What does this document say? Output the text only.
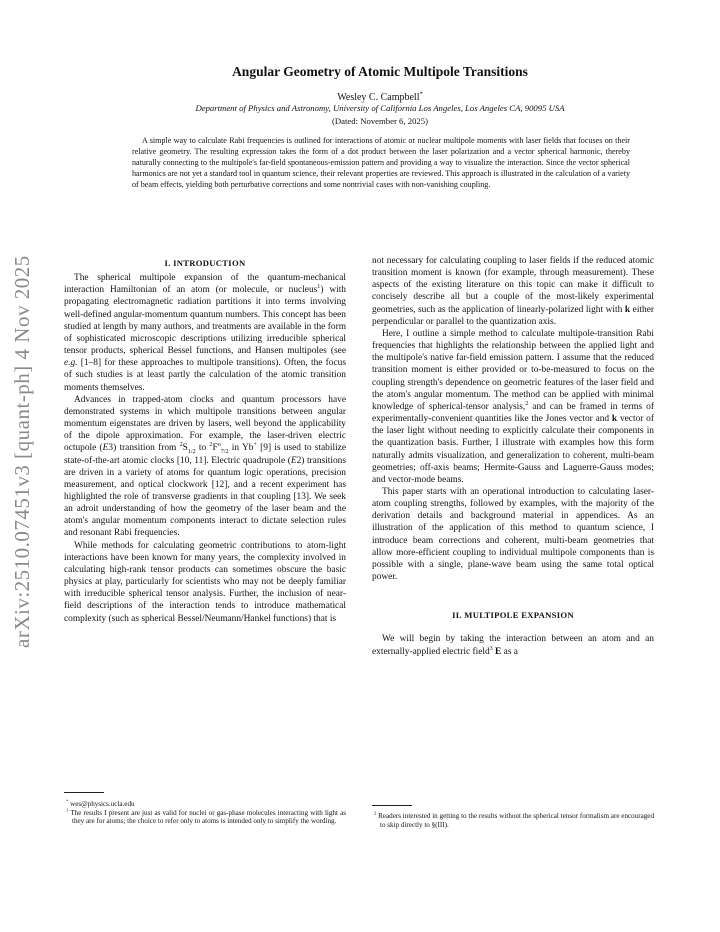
arXiv:2510.07451v3 [quant-ph] 4 Nov 2025
Angular Geometry of Atomic Multipole Transitions
Wesley C. Campbell*
Department of Physics and Astronomy, University of California Los Angeles, Los Angeles CA, 90095 USA
(Dated: November 6, 2025)
A simple way to calculate Rabi frequencies is outlined for interactions of atomic or nuclear multipole moments with laser fields that focuses on their relative geometry. The resulting expression takes the form of a dot product between the laser polarization and a vector spherical harmonic, thereby naturally connecting to the multipole's far-field spontaneous-emission pattern and providing a way to visualize the interaction. Since the vector spherical harmonics are not yet a standard tool in quantum science, their relevant properties are reviewed. This approach is illustrated in the calculation of a variety of beam effects, yielding both perturbative corrections and some nontrivial cases with non-vanishing coupling.
I. INTRODUCTION

The spherical multipole expansion of the quantum-mechanical interaction Hamiltonian of an atom (or molecule, or nucleus$^1$) with propagating electromagnetic radiation partitions it into terms involving well-defined angular-momentum quantum numbers. This concept has been studied at length by many authors, and treatments are available in the form of sophisticated microscopic descriptions utilizing irreducible spherical tensor products, spherical Bessel functions, and Hansen multipoles (see e.g. [1–8] for these approaches to multipole transitions). Often, the focus of such studies is at least partly the calculation of the atomic transition moments themselves.

Advances in trapped-atom clocks and quantum processors have demonstrated systems in which multipole transitions between angular momentum eigenstates are driven by lasers, well beyond the applicability of the dipole approximation. For example, the laser-driven electric octupole (E3) transition from $^2S_{1/2}$ to $^2F^o_{7/2}$ in Yb+ [9] is used to stabilize state-of-the-art atomic clocks [10, 11]. Electric quadrupole (E2) transitions are driven in a variety of atoms for quantum logic operations, precision measurement, and optical clockwork [12], and a recent experiment has highlighted the role of transverse gradients in that coupling [13]. We seek an adroit understanding of how the geometry of the laser beam and the atom's angular momentum components interact to dictate selection rules and resonant Rabi frequencies.

While methods for calculating geometric contributions to atom-light interactions have been known for many years, the complexity involved in calculating high-rank tensor products can sometimes obscure the basic physics at play, particularly for scientists who may not be deeply familiar with irreducible spherical tensor analysis. Further, the inclusion of near-field descriptions of the interaction tends to introduce mathematical complexity (such as spherical Bessel/Neumann/Hankel functions) that is

* wes@physics.ucla.edu

$^1$ The results I present are just as valid for nuclei or gas-phase molecules interacting with light as they are for atoms; the choice to refer only to atoms is intended only to simplify the wording.

not necessary for calculating coupling to laser fields if the reduced atomic transition moment is known (for example, through measurement). These aspects of the existing literature on this topic can make it difficult to concisely describe all but a couple of the most-likely experimental geometries, such as the application of linearly-polarized light with k either perpendicular or parallel to the quantization axis.

Here, I outline a simple method to calculate multipole-transition Rabi frequencies that highlights the relationship between the applied light and the multipole's native far-field emission pattern. I assume that the reduced transition moment is either provided or to-be-measured to focus on the coupling strength's dependence on geometric features of the laser field and the atom's angular momentum. The method can be applied with minimal knowledge of spherical-tensor analysis,$^2$ and can be framed in terms of experimentally-convenient quantities like the Jones vector and k vector of the laser light without needing to explicitly calculate their components in the quantization basis. Further, I illustrate with examples how this form naturally admits visualization, and generalization to coherent, multi-beam geometries; off-axis beams; Hermite-Gauss and Laguerre-Gauss modes; and vector-mode beams.

This paper starts with an operational introduction to calculating laser-atom coupling strengths, followed by examples, with the majority of the derivation details and background material in appendices. As an illustration of the application of this method to quantum science, I introduce beam corrections and coherent, multi-beam geometries that allow more-efficient coupling to individual multipole components than is possible with a single, plane-wave beam using the same total optical power.

II. MULTIPOLE EXPANSION

We will begin by taking the interaction between an atom and an externally-applied electric field$^3$ E as a

$^2$ Readers interested in getting to the results without the spherical tensor formalism are encouraged to skip directly to §(III).
